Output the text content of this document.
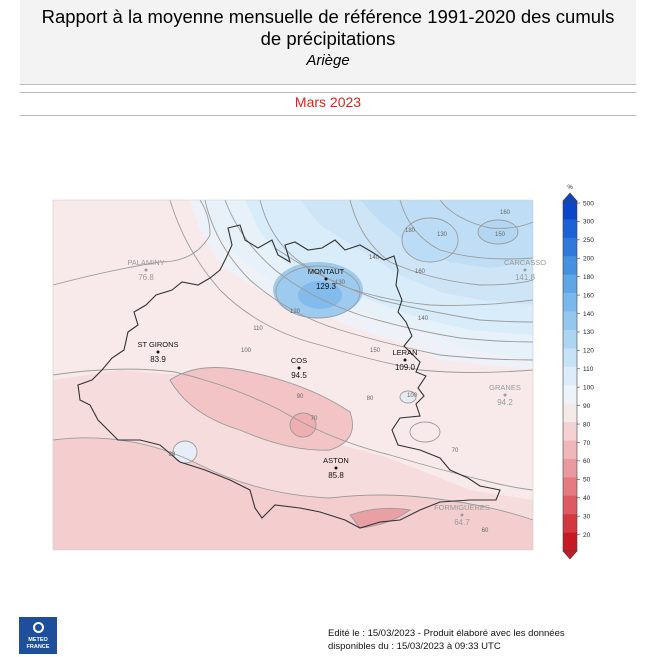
Rapport à la moyenne mensuelle de référence 1991-2020 des cumuls
de précipitations
Ariège
Mars 2023
160
150
140
130
120
110
100
90	80
70
60
80
70
100
130
140
150
160
180
PALAMINY
76.8
MONTAUT
129.3
CARCASSO
141.8
ST GIRONS
83.9	COS
94.5
LERAN
109.0
GRANES
94.2
ASTON
85.8
FORMIGUERES
64.7
%
500
300
250
200
180
160
140
130
120
110
100
90
80
70
60
50
40
30
20
METEO
FRANCE
Edité le : 15/03/2023 - Produit élaboré avec les données
disponibles du : 15/03/2023 à 09:33 UTC
